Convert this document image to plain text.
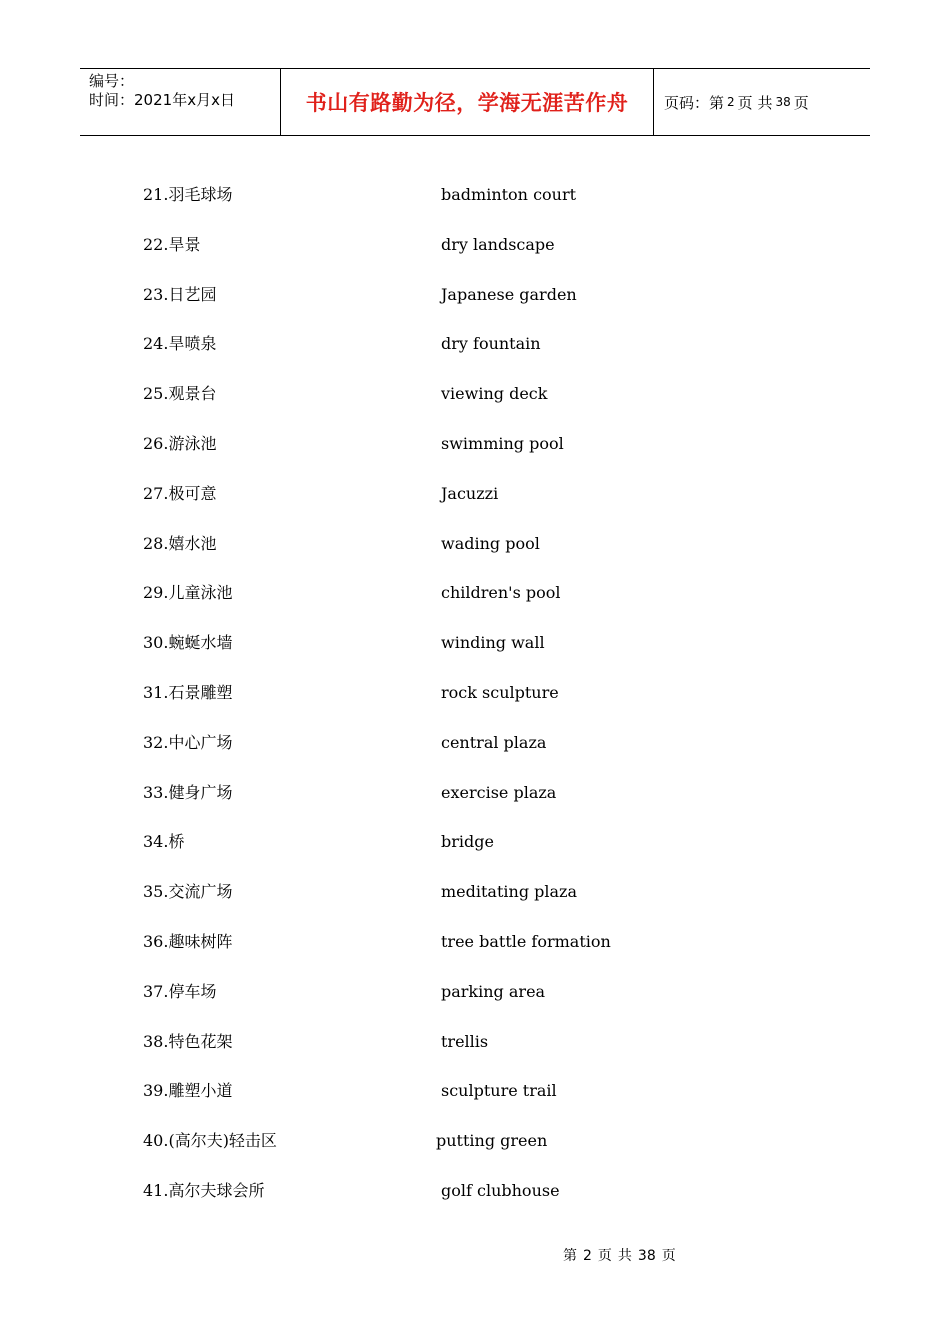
编号：
时间：2021年x月x日	书山有路勤为径，学海无涯苦作舟	页码： 第 2 页 共 38 页
21.羽毛球场	badminton court
22.旱景	dry landscape
23.日艺园	Japanese garden
24.旱喷泉	dry fountain
25.观景台	viewing deck
26.游泳池	swimming pool
27.极可意	Jacuzzi
28.嬉水池	wading pool
29.儿童泳池	children's pool
30.蜿蜒水墙	winding wall
31.石景雕塑	rock sculpture
32.中心广场	central plaza
33.健身广场	exercise plaza
34.桥	bridge
35.交流广场	meditating plaza
36.趣味树阵	tree battle formation
37.停车场	parking area
38.特色花架	trellis
39.雕塑小道	sculpture trail
40.(高尔夫)轻击区	putting green
41.高尔夫球会所	golf clubhouse
第 2 页 共 38 页
